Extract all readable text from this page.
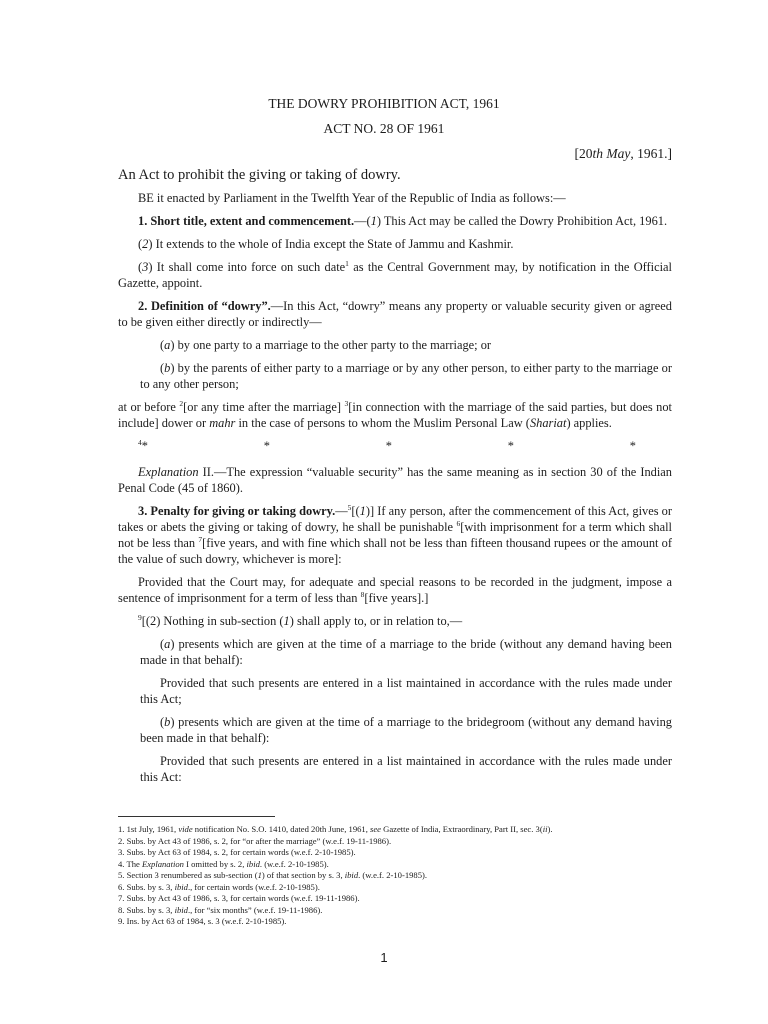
THE DOWRY PROHIBITION ACT, 1961
ACT NO. 28 OF 1961
[20th May, 1961.]
An Act to prohibit the giving or taking of dowry.

BE it enacted by Parliament in the Twelfth Year of the Republic of India as follows:—

1. Short title, extent and commencement.—(1) This Act may be called the Dowry Prohibition Act, 1961.

(2) It extends to the whole of India except the State of Jammu and Kashmir.

(3) It shall come into force on such date$^1$ as the Central Government may, by notification in the Official Gazette, appoint.

2. Definition of “dowry”.—In this Act, “dowry” means any property or valuable security given or agreed to be given either directly or indirectly—

(a) by one party to a marriage to the other party to the marriage; or

(b) by the parents of either party to a marriage or by any other person, to either party to the marriage or to any other person;

at or before $^2$[or any time after the marriage] $^3$[in connection with the marriage of the said parties, but does not include] dower or mahr in the case of persons to whom the Muslim Personal Law (Shariat) applies.

$^4$*	*	*	*	*

Explanation II.—The expression “valuable security” has the same meaning as in section 30 of the Indian Penal Code (45 of 1860).

3. Penalty for giving or taking dowry.—$^5$[(1)] If any person, after the commencement of this Act, gives or takes or abets the giving or taking of dowry, he shall be punishable $^6$[with imprisonment for a term which shall not be less than $^7$[five years, and with fine which shall not be less than fifteen thousand rupees or the amount of the value of such dowry, whichever is more]:

Provided that the Court may, for adequate and special reasons to be recorded in the judgment, impose a sentence of imprisonment for a term of less than $^8$[five years].]

$^9$[(2) Nothing in sub-section (1) shall apply to, or in relation to,—

(a) presents which are given at the time of a marriage to the bride (without any demand having been made in that behalf):

Provided that such presents are entered in a list maintained in accordance with the rules made under this Act;

(b) presents which are given at the time of a marriage to the bridegroom (without any demand having been made in that behalf):

Provided that such presents are entered in a list maintained in accordance with the rules made under this Act:

1. 1st July, 1961, vide notification No. S.O. 1410, dated 20th June, 1961, see Gazette of India, Extraordinary, Part II, sec. 3(ii).
2. Subs. by Act 43 of 1986, s. 2, for “or after the marriage” (w.e.f. 19-11-1986).
3. Subs. by Act 63 of 1984, s. 2, for certain words (w.e.f. 2-10-1985).
4. The Explanation I omitted by s. 2, ibid. (w.e.f. 2-10-1985).
5. Section 3 renumbered as sub-section (1) of that section by s. 3, ibid. (w.e.f. 2-10-1985).
6. Subs. by s. 3, ibid., for certain words (w.e.f. 2-10-1985).
7. Subs. by Act 43 of 1986, s. 3, for certain words (w.e.f. 19-11-1986).
8. Subs. by s. 3, ibid., for “six months” (w.e.f. 19-11-1986).
9. Ins. by Act 63 of 1984, s. 3 (w.e.f. 2-10-1985).
1
